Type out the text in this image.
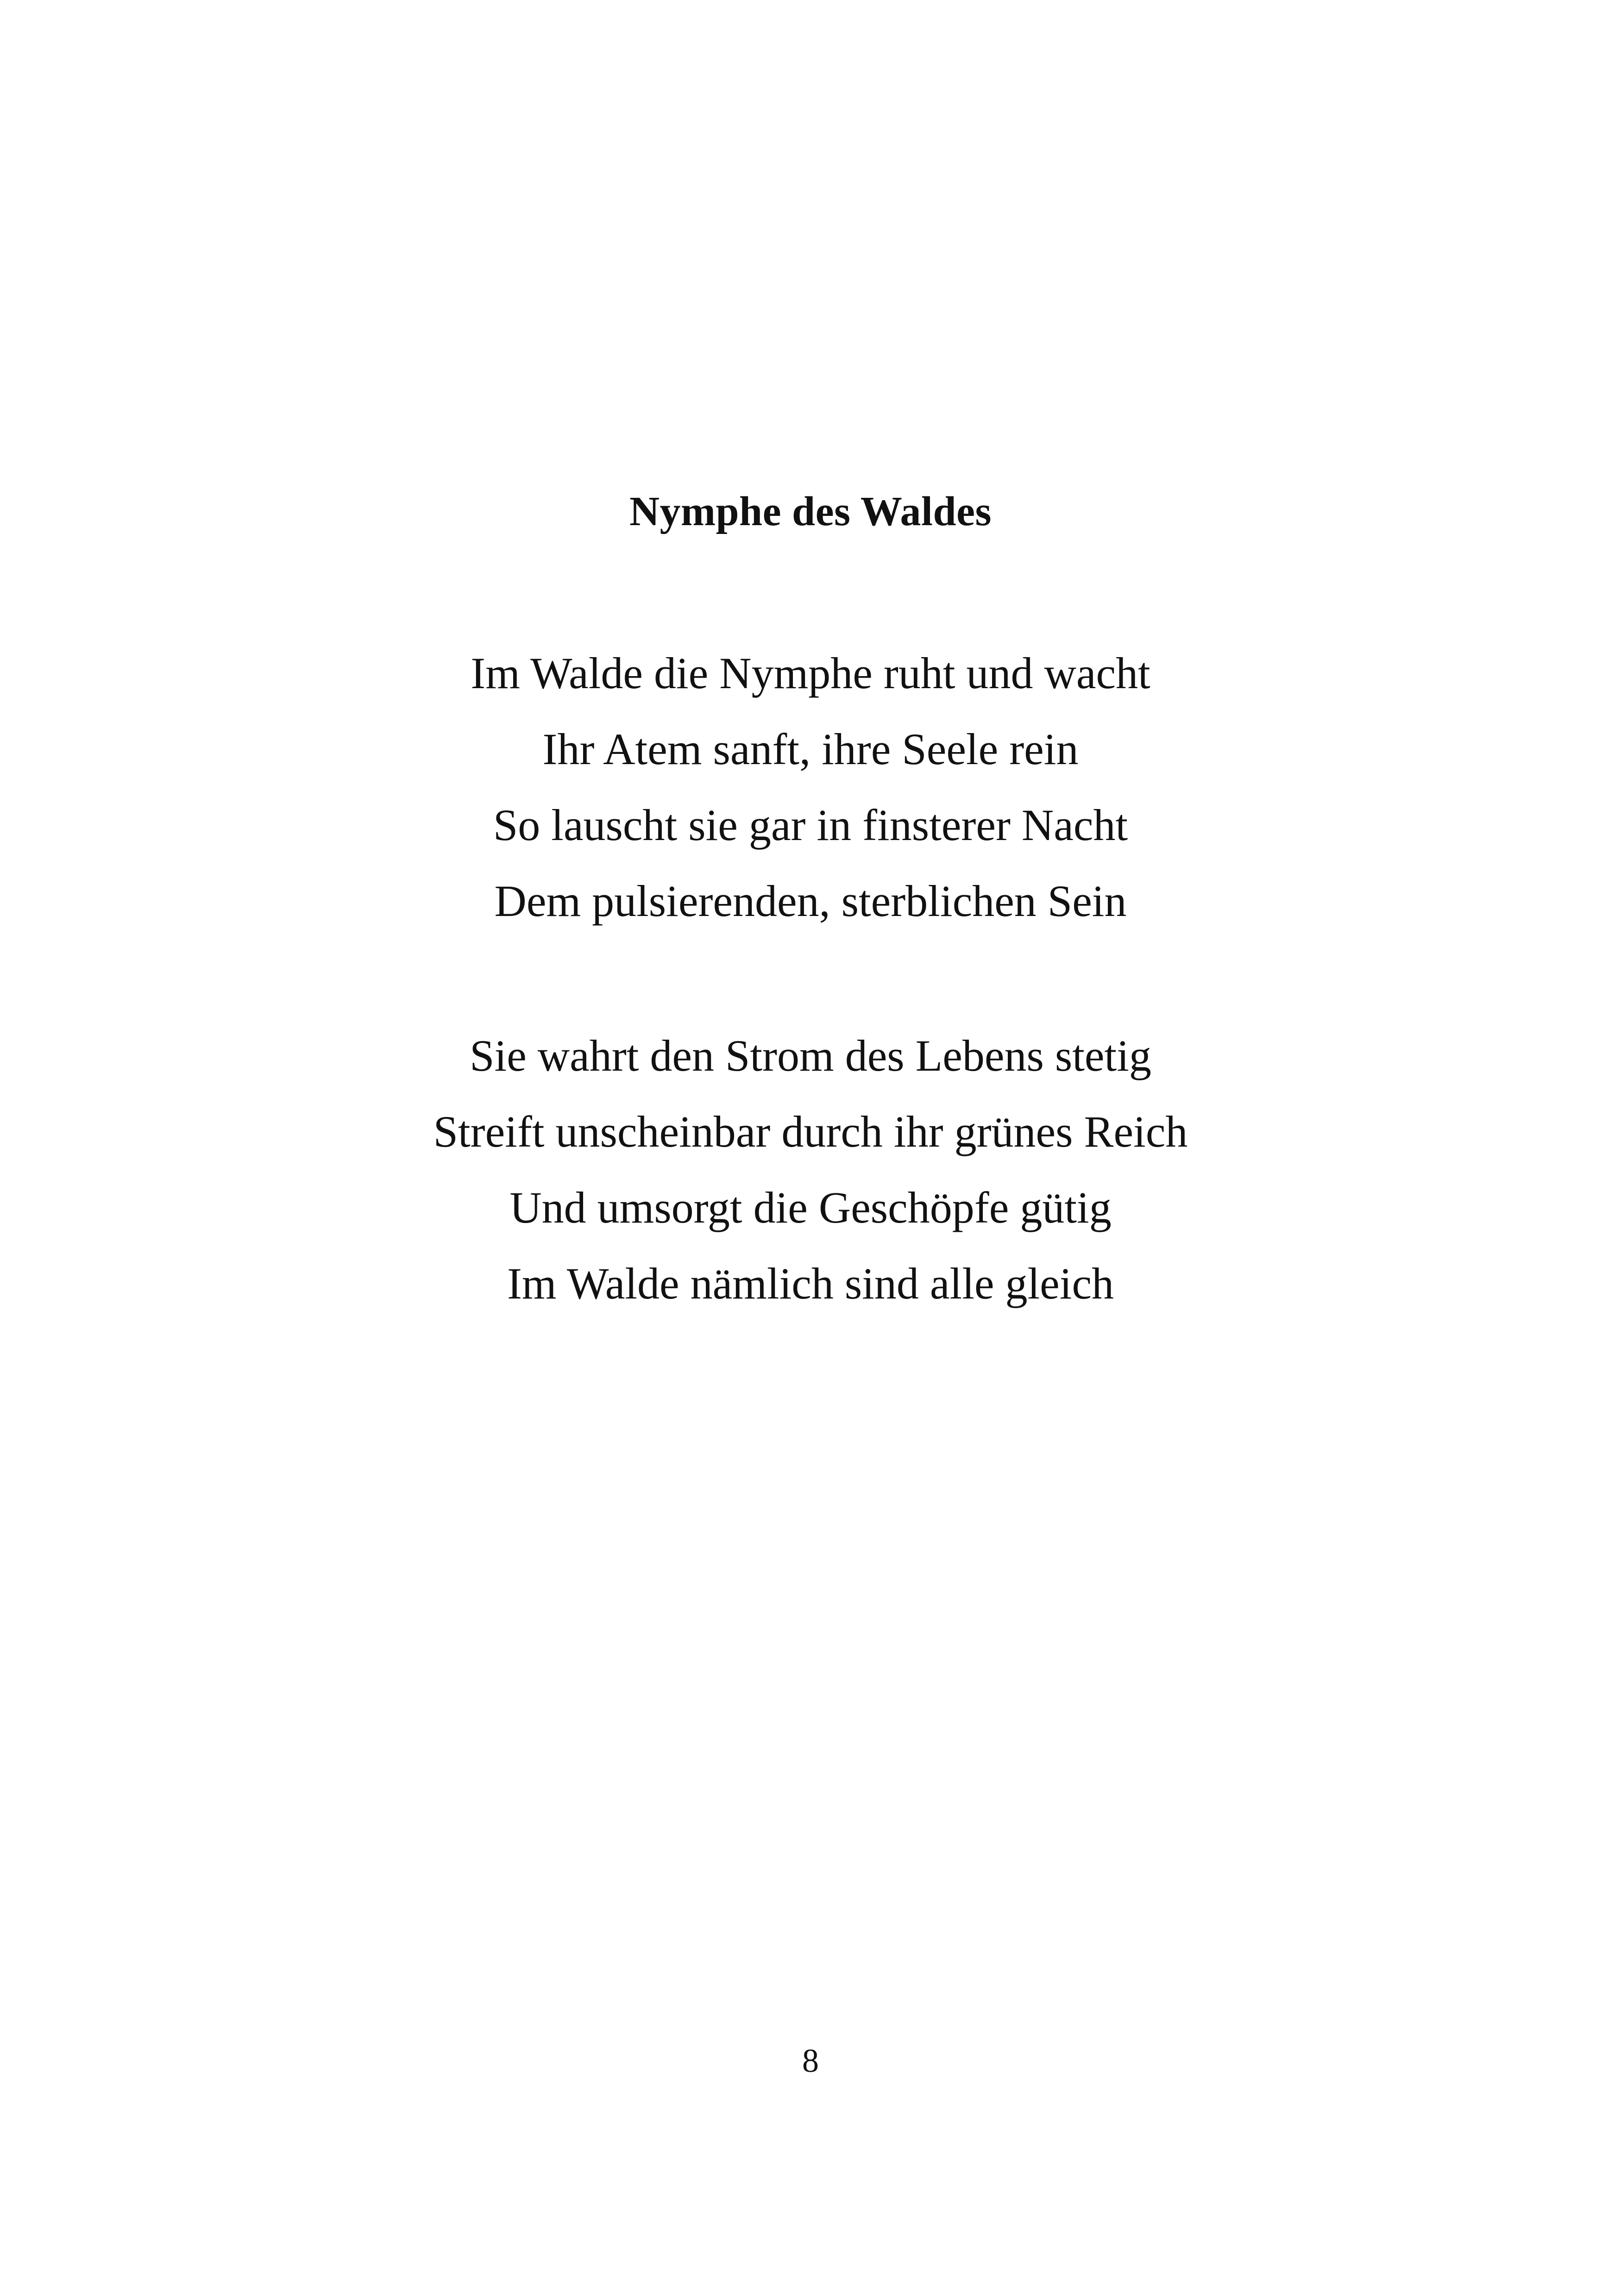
Nymphe des Waldes
Im Walde die Nymphe ruht und wacht
Ihr Atem sanft, ihre Seele rein
So lauscht sie gar in finsterer Nacht
Dem pulsierenden, sterblichen Sein
Sie wahrt den Strom des Lebens stetig
Streift unscheinbar durch ihr grünes Reich
Und umsorgt die Geschöpfe gütig
Im Walde nämlich sind alle gleich
8
